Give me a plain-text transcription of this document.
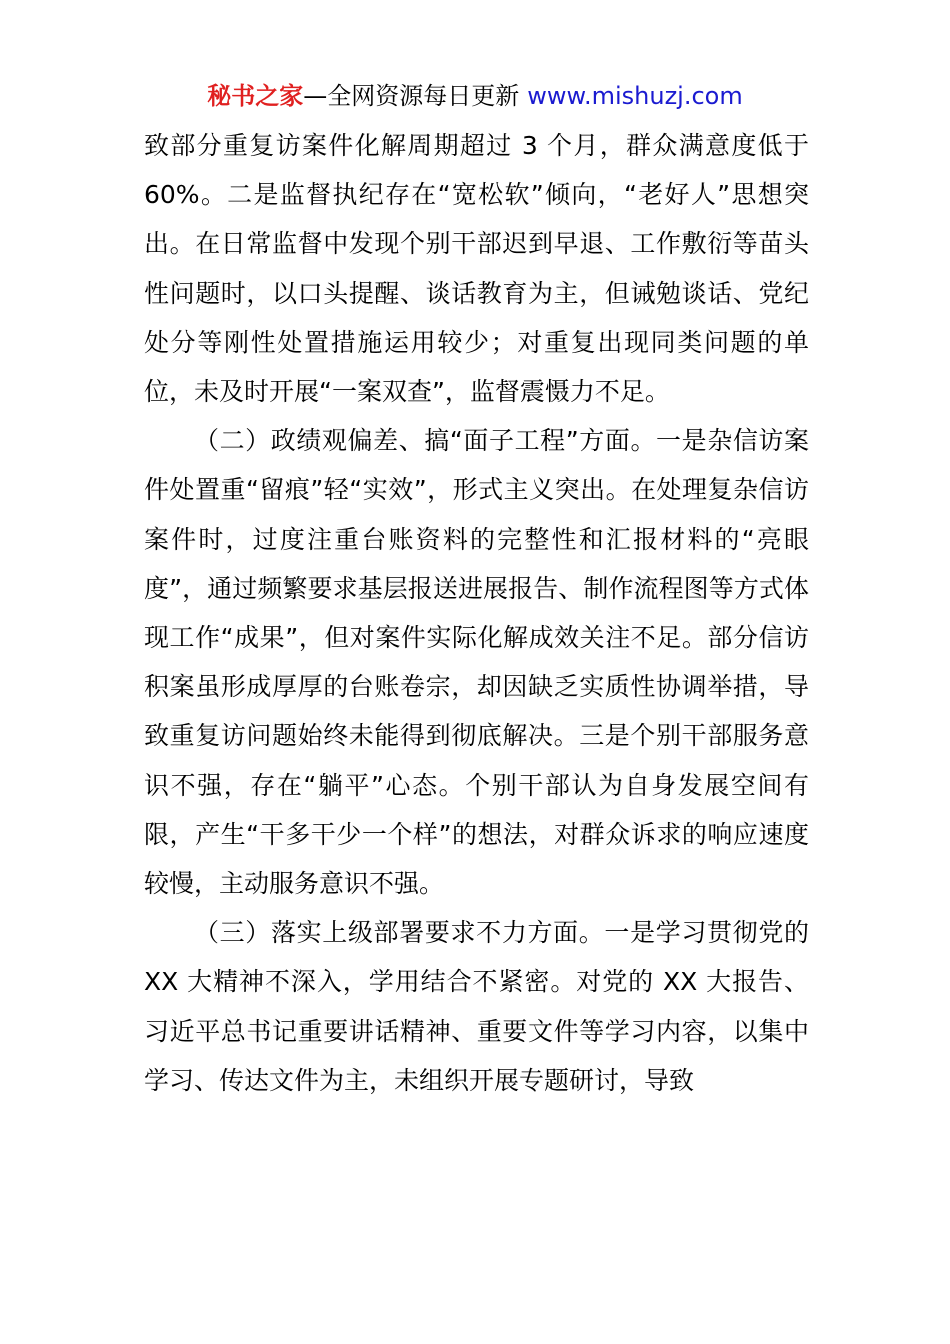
秘书之家—全网资源每日更新 www.mishuzj.com

致部分重复访案件化解周期超过 3 个月，群众满意度低于 60%。二是监督执纪存在“宽松软”倾向，“老好人”思想突出。在日常监督中发现个别干部迟到早退、工作敷衍等苗头性问题时，以口头提醒、谈话教育为主，但诫勉谈话、党纪处分等刚性处置措施运用较少；对重复出现同类问题的单位，未及时开展“一案双查”，监督震慑力不足。

（二）政绩观偏差、搞“面子工程”方面。一是杂信访案件处置重“留痕”轻“实效”，形式主义突出。在处理复杂信访案件时，过度注重台账资料的完整性和汇报材料的“亮眼度”，通过频繁要求基层报送进展报告、制作流程图等方式体现工作“成果”，但对案件实际化解成效关注不足。部分信访积案虽形成厚厚的台账卷宗，却因缺乏实质性协调举措，导致重复访问题始终未能得到彻底解决。三是个别干部服务意识不强，存在“躺平”心态。个别干部认为自身发展空间有限，产生“干多干少一个样”的想法，对群众诉求的响应速度较慢，主动服务意识不强。

（三）落实上级部署要求不力方面。一是学习贯彻党的 XX 大精神不深入，学用结合不紧密。对党的 XX 大报告、习近平总书记重要讲话精神、重要文件等学习内容，以集中学习、传达文件为主，未组织开展专题研讨，导致
